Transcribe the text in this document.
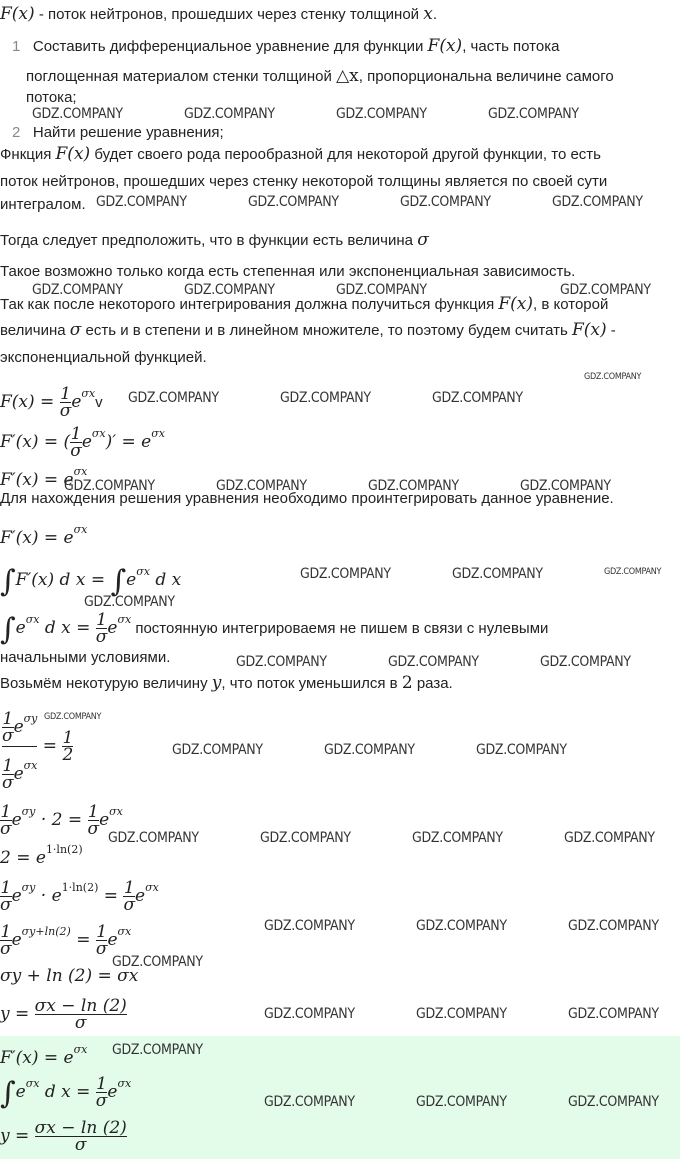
F(x) - поток нейтронов, прошедших через стенку толщиной x.
1 Составить дифференциальное уравнение для функции F(x), часть потока
поглощенная материалом стенки толщиной △x, пропорциональна величине самого
потока;
2 Найти решение уравнения;
Фнкция F(x) будет своего рода перообразной для некоторой другой функции, то есть
поток нейтронов, прошедших через стенку некоторой толщины является по своей сути
интегралом.
Тогда следует предположить, что в функции есть величина σ
Такое возможно только когда есть степенная или экспоненциальная зависимость.
Так как после некоторого интегрирования должна получиться функция F(x), в которой
величина σ есть и в степени и в линейном множителе, то поэтому будем считать F(x) -
экспоненциальной функцией.
$F(x) = \frac{1}{\sigma} e^{\sigma x}v$
F′(x) = ( $\frac{1}{\sigma} e^{\sigma x})' = e^{\sigma x}$
$F'(x) = e^{\sigma x}$
Для нахождения решения уравнения необходимо проинтегрировать данное уравнение.
$F'(x) = e^{\sigma x}$
∫F′(x) d $x = \int e^{\sigma x}$ d x
$\int e^{\sigma x}$ d $x = \frac{1}{\sigma} e^{\sigma x}$ постоянную интегрироваемя не пишем в связи с нулевыми
начальными условиями.
Возьмём некотурую величину y, что поток уменьшился в 2 раза.
$\frac{\frac{1}{\sigma} e^{\sigma y}}{\frac{1}{\sigma} e^{\sigma x}} = \frac{1}{2}$
$\frac{1}{\sigma} e^{\sigma y} \cdot 2 = \frac{1}{\sigma} e^{\sigma x}$
$2 = e^{1\cdot ln(2)}$
$\frac{1}{\sigma} e^{\sigma y} \cdot e^{1\cdot ln(2)} = \frac{1}{\sigma} e^{\sigma x}$
$\frac{1}{\sigma} e^{\sigma y+ln(2)} = \frac{1}{\sigma} e^{\sigma x}$
σy + ln (2) = σx
$y = \frac{\sigma x - \ln (2)}{\sigma}$
$F'(x) = e^{\sigma x}$
$\int e^{\sigma x}$ d $x = \frac{1}{\sigma} e^{\sigma x}$
$y = \frac{\sigma x - \ln (2)}{\sigma}$
GDZ.COMPANY	GDZ.COMPANY	GDZ.COMPANY	GDZ.COMPANY
GDZ.COMPANY	GDZ.COMPANY	GDZ.COMPANY	GDZ.COMPANY
GDZ.COMPANY	GDZ.COMPANY	GDZ.COMPANY	GDZ.COMPANY
GDZ.COMPANY
GDZ.COMPANY	GDZ.COMPANY	GDZ.COMPANY
GDZ.COMPANY	GDZ.COMPANY	GDZ.COMPANY	GDZ.COMPANY
GDZ.COMPANY	GDZ.COMPANY	GDZ.COMPANY
GDZ.COMPANY
GDZ.COMPANY	GDZ.COMPANY	GDZ.COMPANY
GDZ.COMPANY
GDZ.COMPANY	GDZ.COMPANY	GDZ.COMPANY
GDZ.COMPANY	GDZ.COMPANY	GDZ.COMPANY	GDZ.COMPANY
GDZ.COMPANY	GDZ.COMPANY	GDZ.COMPANY
GDZ.COMPANY
GDZ.COMPANY	GDZ.COMPANY	GDZ.COMPANY
GDZ.COMPANY
GDZ.COMPANY	GDZ.COMPANY	GDZ.COMPANY
